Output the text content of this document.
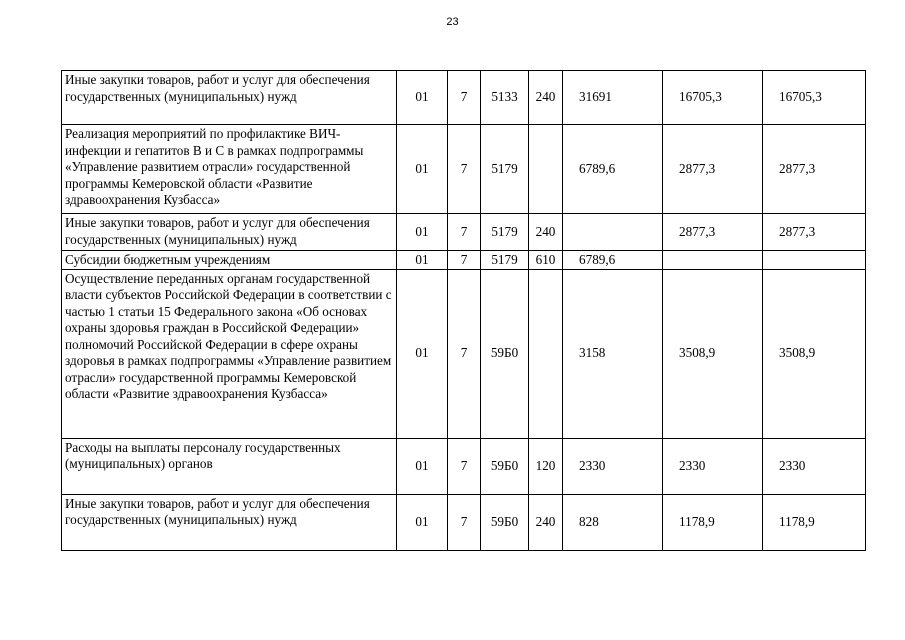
23
Иные закупки товаров, работ и услуг для обеспечения государственных (муниципальных) нужд	01	7	5133	240	31691	16705,3	16705,3
Реализация мероприятий по профилактике ВИЧ-инфекции и гепатитов В и С в рамках подпрограммы «Управление развитием отрасли» государственной программы Кемеровской области «Развитие здравоохранения Кузбасса»	01	7	5179		6789,6	2877,3	2877,3
Иные закупки товаров, работ и услуг для обеспечения государственных (муниципальных) нужд	01	7	5179	240		2877,3	2877,3
Субсидии бюджетным учреждениям	01	7	5179	610	6789,6		
Осуществление переданных органам государственной власти субъектов Российской Федерации в соответствии с частью 1 статьи 15 Федерального закона «Об основах охраны здоровья граждан в Российской Федерации» полномочий Российской Федерации в сфере охраны здоровья в рамках подпрограммы «Управление развитием отрасли» государственной программы Кемеровской области «Развитие здравоохранения Кузбасса»	01	7	59Б0		3158	3508,9	3508,9
Расходы на выплаты персоналу государственных (муниципальных) органов	01	7	59Б0	120	2330	2330	2330
Иные закупки товаров, работ и услуг для обеспечения государственных (муниципальных) нужд	01	7	59Б0	240	828	1178,9	1178,9
